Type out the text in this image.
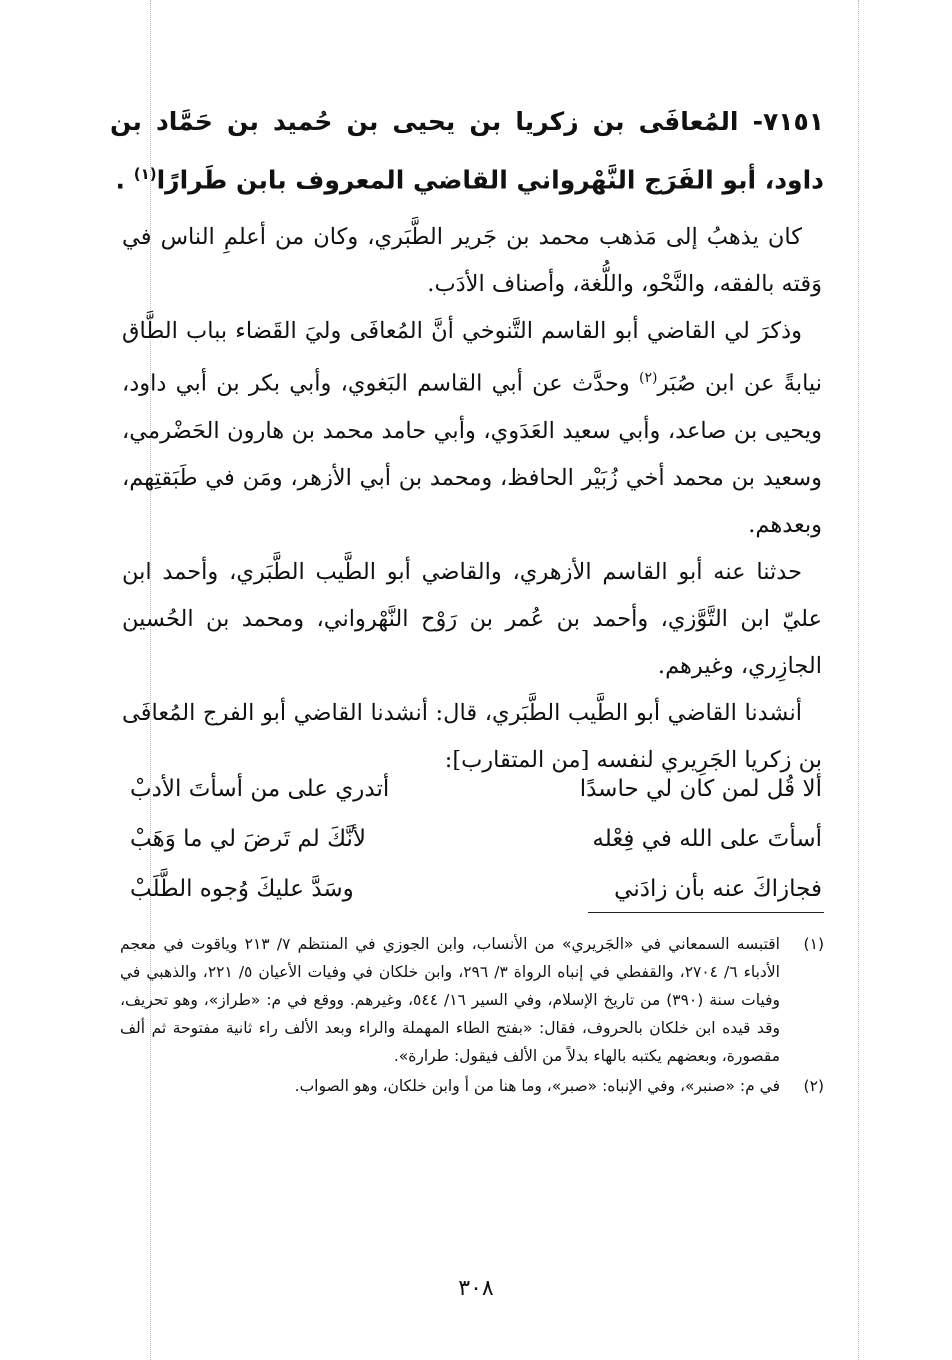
٧١٥١- المُعافَى بن زكريا بن يحيى بن حُميد بن حَمَّاد بن داود، أبو الفَرَج النَّهْرواني القاضي المعروف بابن طَرارًا$^{(١)}$ .

كان يذهبُ إلى مَذهب محمد بن جَرير الطَّبَري، وكان من أعلمِ الناس في وَقته بالفقه، والنَّحْو، واللُّغة، وأصناف الأدَب.

وذكرَ لي القاضي أبو القاسم التَّنوخي أنَّ المُعافَى وليَ القَضاء بباب الطَّاق نيابةً عن ابن صُبَر$^{(٢)}$ وحدَّث عن أبي القاسم البَغوي، وأبي بكر بن أبي داود، ويحيى بن صاعد، وأبي سعيد العَدَوي، وأبي حامد محمد بن هارون الحَضْرمي، وسعيد بن محمد أخي زُبَيْر الحافظ، ومحمد بن أبي الأزهر، ومَن في طَبَقتِهم، وبعدهم.

حدثنا عنه أبو القاسم الأزهري، والقاضي أبو الطَّيب الطَّبَري، وأحمد ابن عليّ ابن التَّوَّزي، وأحمد بن عُمر بن رَوْح النَّهْرواني، ومحمد بن الحُسين الجازِري، وغيرهم.

أنشدنا القاضي أبو الطَّيب الطَّبَري، قال: أنشدنا القاضي أبو الفرج المُعافَى بن زكريا الجَرِيري لنفسه [من المتقارب]:

ألا قُل لمن كان لي حاسدًا
أتدري على من أسأتَ الأدبْ
أسأتَ على الله في فِعْله
لأنَّكَ لم تَرضَ لي ما وَهَبْ
فجازاكَ عنه بأن زادَني
وسَدَّ عليكَ وُجوه الطَّلَبْ
(١)
اقتبسه السمعاني في «الجَريري» من الأنساب، وابن الجوزي في المنتظم ٧/ ٢١٣ وياقوت في معجم الأدباء ٦/ ٢٧٠٤، والقفطي في إنباه الرواة ٣/ ٢٩٦، وابن خلكان في وفيات الأعيان ٥/ ٢٢١، والذهبي في وفيات سنة (٣٩٠) من تاريخ الإسلام، وفي السير ١٦/ ٥٤٤، وغيرهم. ووقع في م: «طراز»، وهو تحريف، وقد قيده ابن خلكان بالحروف، فقال: «بفتح الطاء المهملة والراء وبعد الألف راء ثانية مفتوحة ثم ألف مقصورة، وبعضهم يكتبه بالهاء بدلاً من الألف فيقول: طرارة».
(٢)
في م: «صنبر»، وفي الإنباه: «صبر»، وما هنا من أ وابن خلكان، وهو الصواب.
٣٠٨
